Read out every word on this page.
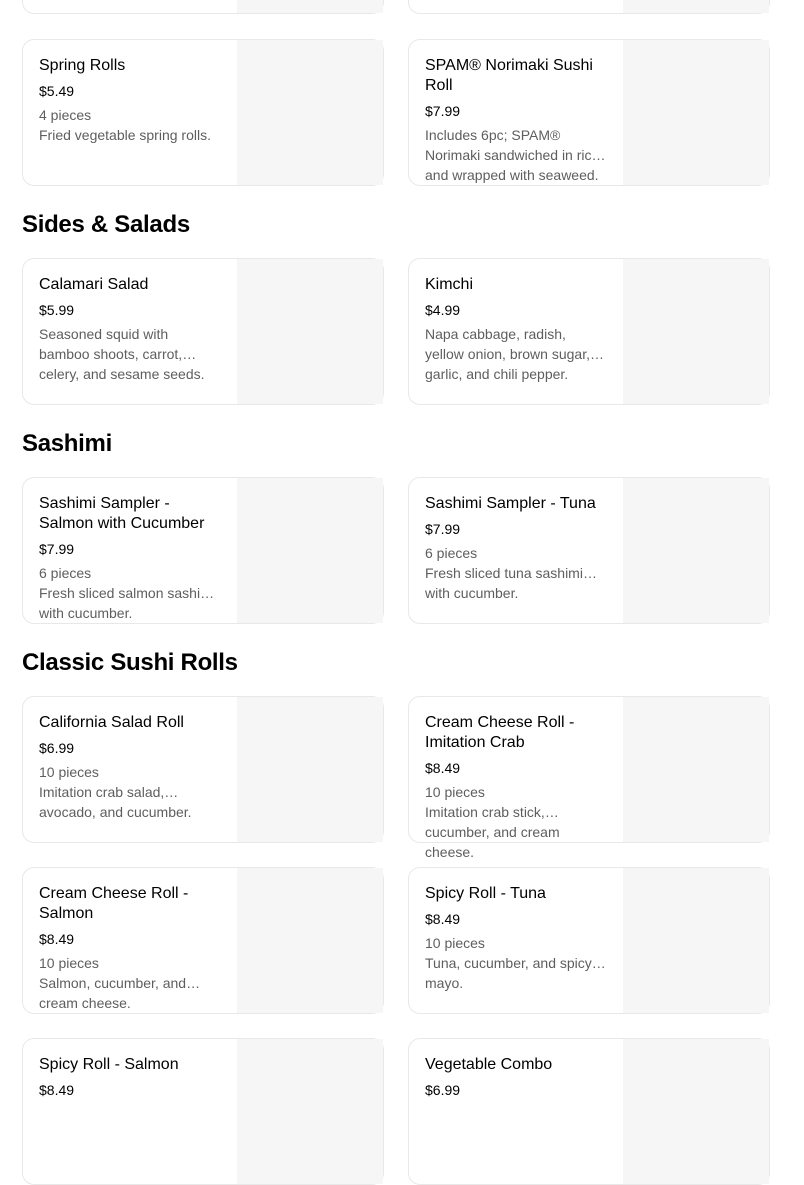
Spring Rolls
$5.49
4 pieces
Fried vegetable spring rolls.
SPAM® Norimaki Sushi Roll
$7.99
Includes 6pc; SPAM® Norimaki sandwiched in rice and wrapped with seaweed.
Sides & Salads
Calamari Salad
$5.99
Seasoned squid with bamboo shoots, carrot, celery, and sesame seeds.
Kimchi
$4.99
Napa cabbage, radish, yellow onion, brown sugar, garlic, and chili pepper.
Sashimi
Sashimi Sampler - Salmon with Cucumber
$7.99
6 pieces
Fresh sliced salmon sashimi with cucumber.
Sashimi Sampler - Tuna
$7.99
6 pieces
Fresh sliced tuna sashimi with cucumber.
Classic Sushi Rolls
California Salad Roll
$6.99
10 pieces
Imitation crab salad, avocado, and cucumber.
Cream Cheese Roll - Imitation Crab
$8.49
10 pieces
Imitation crab stick, cucumber, and cream cheese.
Cream Cheese Roll - Salmon
$8.49
10 pieces
Salmon, cucumber, and cream cheese.
Spicy Roll - Tuna
$8.49
10 pieces
Tuna, cucumber, and spicy mayo.
Spicy Roll - Salmon
$8.49
Vegetable Combo
$6.99
